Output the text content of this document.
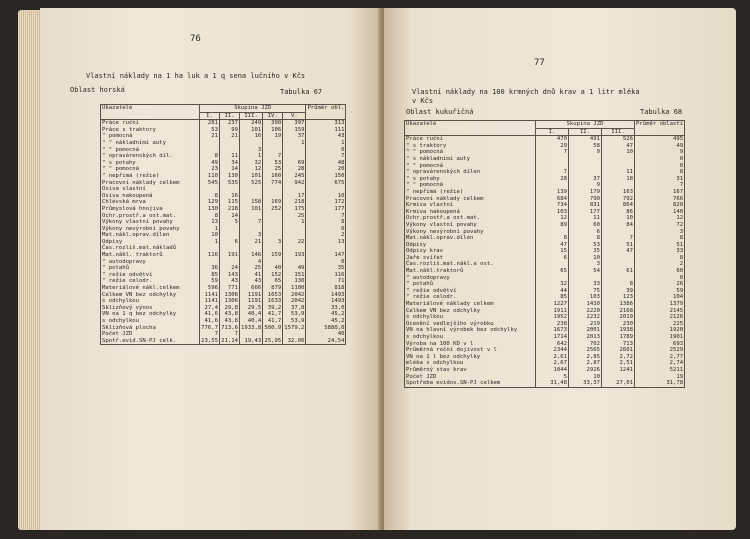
76
Vlastní náklady na 1 ha luk a 1 q sena lučního v Kčs
Oblast horská	Tabulka 67
Ukazatelé	Skupina JZD					Průměr obl.
	I.	II.	III.	IV.	V.	
Práce ruční	281	237	249	390	397	313
Práce s traktory	53	99	101	106	159	111
" pomocná	21	21	16	19	37	43
" " nákladními auty					1	1
" " pomocná			3			0
" opravárenských díl.	8	11	1	7		7
" s potahy	49	34	32	53	69	48
" " pomocná	23	14	12	25	28	20
" nepřímá (režie)	110	130	101	160	245	150
Pracovní náklady celkem	545	535	525	774	942	675
Osiva vlastní						
Osiva nakoupená	8	16			17	10
Chlévská mrva	129	115	158	169	218	172
Průmyslová hnojiva	130	218	101	252	175	177
Ochr.prostř.a ost.mat.	8	14			25	7
Výkony vlastní povahy	13	5	7		1	8
Výkony nevýrobní povahy	1					0
Mat.nákl.oprav.dílen	10		3			2
Odpisy	1	6	21	3	22	13
Čas.rozliš.mat.nákladů						
Mat.nákl. traktorů	116	191	146	159	193	147
" autodopravy			4			0
" potahů	36	24	25	40	49	35
" režie odvětví	85	143	41	152	151	116
" režie celodr.	59	43	43	65	130	71
Materiálové nákl.celkem	596	771	666	879	1100	818
Celkem VN bez odchylky	1141	1306	1191	1653	2042	1493
s odchylkou	1141	1306	1191	1633	2042	1493
Sklizňový výnos	27,4	29,8	29,5	39,2	37,8	33,0
VN na 1 q bez odchylky	41,6	43,8	40,4	41,7	53,9	45,2
s odchylkou	41,6	43,8	40,4	41,7	53,9	45,2
Sklizňová plocha	776,7	713,6	1933,8	580,9	1579,2	5880,0
Počet JZD	7	7				40
Spotř.evid.SN-PJ celk.	23,55	21,14	19,43	25,95	32,06	24,54
77
Vlastní náklady na 100 krmných dnů krav a 1 litr mléka
v Kčs
Oblast kukuřičná	Tabulka 68
Ukazatelé	Skupina JZD			Průměr oblasti
	I.	II.	III.	
Práce ruční	470	491	526	495
" s traktory	29	58	47	49
" " pomocná	7	9	10	9
" s nákladními auty				0
" " pomocná				0
" opravárenských dílen	7		11	8
" s potahy	28	37	18	31
" " pomocná		9		7
" nepřímá (režie)	139	179	163	167
Pracovní náklady celkem	684	790	792	766
Krmiva vlastní	734	831	864	820
Krmiva nakoupená	103	177	86	140
Ochr.prostř.a ost.mat.	12	11	10	12
Výkony vlastní povahy	89	60	84	72
Výkony nevýrobní povahy		6		3
Mat.nákl.oprav.dílen	8	8	7	8
Odpisy	47	53	51	51
Odpisy krav	15	35	47	33
Jaře svířat	6	10		8
Čas.rozliš.mat.nákl.a ost.		3		2
Mat.nákl.traktorů	65	54	61	60
" autodopravy				0
" potahů	32	33	8	26
" režie odvětví	44	75	39	59
" režie celodr.	85	103	123	104
Materiálové náklady celkem	1227	1430	1386	1379
Celkem VN bez odchylky	1911	2220	2168	2145
s odchylkou	1952	2232	2019	2126
Ocenění vedlejšího výrobku	238	219	230	225
VN na hlavní výrobek bez odchylky	1673	2001	1938	1920
s odchylkou	1714	2013	1789	1901
Výroba na 100 KD v l	642	702	713	693
Průměrná roční dojivost v l	2344	2565	2601	2529
VN na 1 l bez odchylky	2,61	2,85	2,72	2,77
mléka s odchylkou	2,67	2,87	2,51	2,74
Průměrný stav krav	1044	2926	1241	5211
Počet JZD	5	10		19
Spotřeba evidov.SN-PJ celkem	31,48	33,37	27,01	31,78
